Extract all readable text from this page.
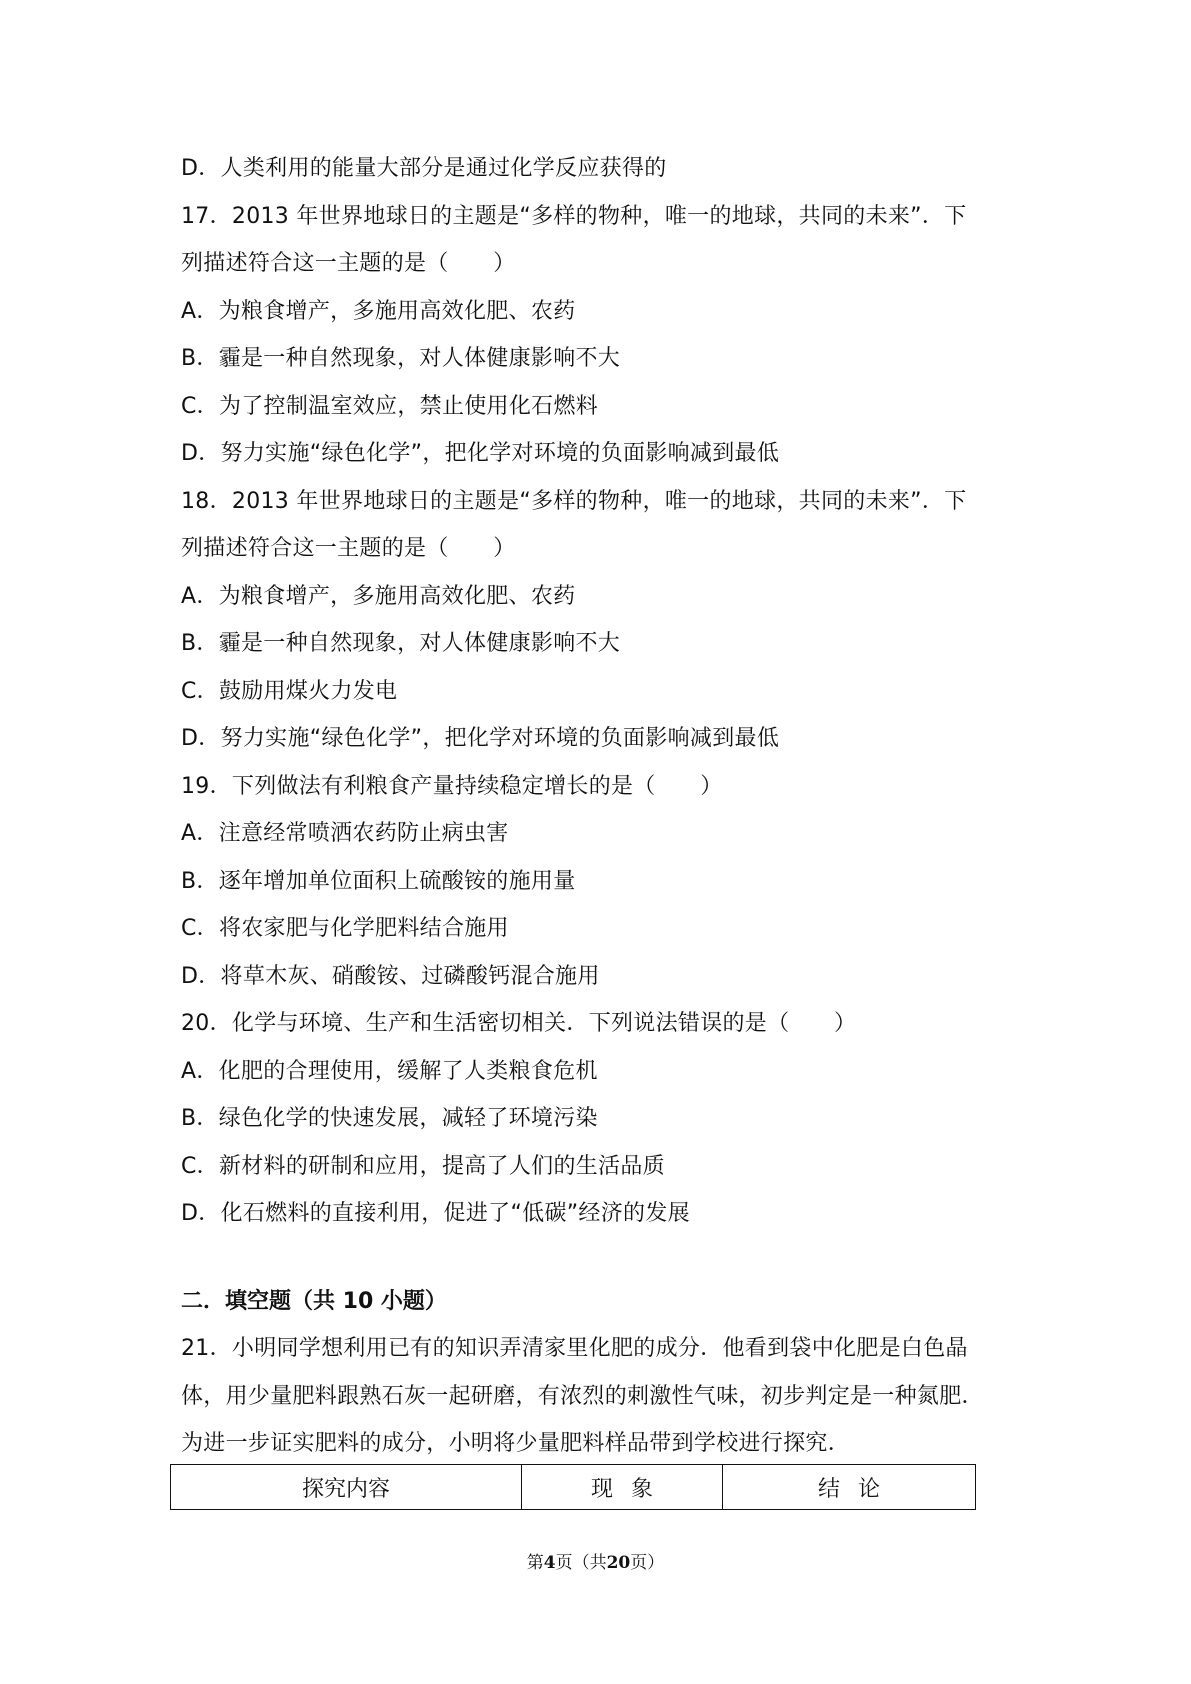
D．人类利用的能量大部分是通过化学反应获得的
17．2013 年世界地球日的主题是“多样的物种，唯一的地球，共同的未来”．下
列描述符合这一主题的是（　　）
A．为粮食增产，多施用高效化肥、农药
B．霾是一种自然现象，对人体健康影响不大
C．为了控制温室效应，禁止使用化石燃料
D．努力实施“绿色化学”，把化学对环境的负面影响减到最低
18．2013 年世界地球日的主题是“多样的物种，唯一的地球，共同的未来”．下
列描述符合这一主题的是（　　）
A．为粮食增产，多施用高效化肥、农药
B．霾是一种自然现象，对人体健康影响不大
C．鼓励用煤火力发电
D．努力实施“绿色化学”，把化学对环境的负面影响减到最低
19．下列做法有利粮食产量持续稳定增长的是（　　）
A．注意经常喷洒农药防止病虫害
B．逐年增加单位面积上硫酸铵的施用量
C．将农家肥与化学肥料结合施用
D．将草木灰、硝酸铵、过磷酸钙混合施用
20．化学与环境、生产和生活密切相关．下列说法错误的是（　　）
A．化肥的合理使用，缓解了人类粮食危机
B．绿色化学的快速发展，减轻了环境污染
C．新材料的研制和应用，提高了人们的生活品质
D．化石燃料的直接利用，促进了“低碳”经济的发展
二．填空题（共 10 小题）
21．小明同学想利用已有的知识弄清家里化肥的成分．他看到袋中化肥是白色晶
体，用少量肥料跟熟石灰一起研磨，有浓烈的刺激性气味，初步判定是一种氮肥．
为进一步证实肥料的成分，小明将少量肥料样品带到学校进行探究．
探究内容	现象	结论
第4页（共20页）
